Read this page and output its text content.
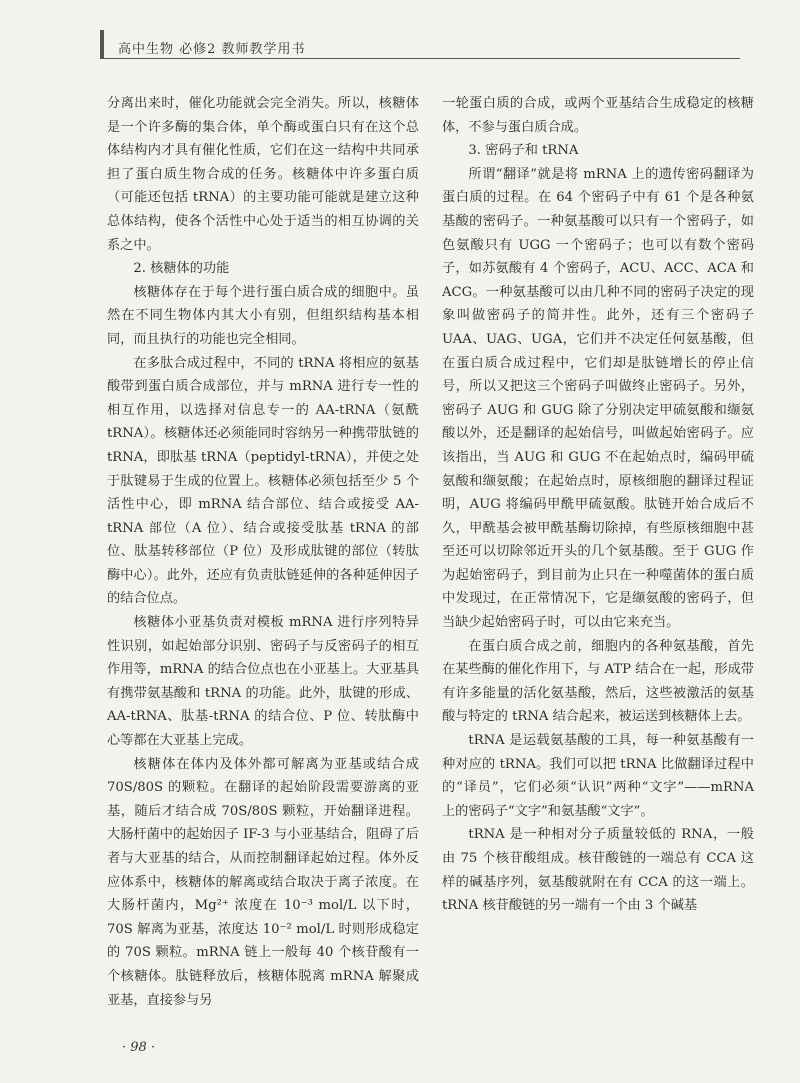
高中生物 必修2 教师教学用书

分离出来时，催化功能就会完全消失。所以，核糖体是一个许多酶的集合体，单个酶或蛋白只有在这个总体结构内才具有催化性质，它们在这一结构中共同承担了蛋白质生物合成的任务。核糖体中许多蛋白质（可能还包括 tRNA）的主要功能可能就是建立这种总体结构，使各个活性中心处于适当的相互协调的关系之中。

2. 核糖体的功能

核糖体存在于每个进行蛋白质合成的细胞中。虽然在不同生物体内其大小有别，但组织结构基本相同，而且执行的功能也完全相同。

在多肽合成过程中，不同的 tRNA 将相应的氨基酸带到蛋白质合成部位，并与 mRNA 进行专一性的相互作用，以选择对信息专一的 AA-tRNA（氨酰 tRNA）。核糖体还必须能同时容纳另一种携带肽链的 tRNA，即肽基 tRNA（peptidyl-tRNA），并使之处于肽键易于生成的位置上。核糖体必须包括至少 5 个活性中心，即 mRNA 结合部位、结合或接受 AA-tRNA 部位（A 位）、结合或接受肽基 tRNA 的部位、肽基转移部位（P 位）及形成肽键的部位（转肽酶中心）。此外，还应有负责肽链延伸的各种延伸因子的结合位点。

核糖体小亚基负责对模板 mRNA 进行序列特异性识别，如起始部分识别、密码子与反密码子的相互作用等，mRNA 的结合位点也在小亚基上。大亚基具有携带氨基酸和 tRNA 的功能。此外，肽键的形成、AA-tRNA、肽基-tRNA 的结合位、P 位、转肽酶中心等都在大亚基上完成。

核糖体在体内及体外都可解离为亚基或结合成 70S/80S 的颗粒。在翻译的起始阶段需要游离的亚基，随后才结合成 70S/80S 颗粒，开始翻译进程。大肠杆菌中的起始因子 IF-3 与小亚基结合，阻碍了后者与大亚基的结合，从而控制翻译起始过程。体外反应体系中，核糖体的解离或结合取决于离子浓度。在大肠杆菌内，Mg²⁺ 浓度在 10⁻³ mol/L 以下时，70S 解离为亚基，浓度达 10⁻² mol/L 时则形成稳定的 70S 颗粒。mRNA 链上一般每 40 个核苷酸有一个核糖体。肽链释放后，核糖体脱离 mRNA 解聚成亚基，直接参与另

一轮蛋白质的合成，或两个亚基结合生成稳定的核糖体，不参与蛋白质合成。

3. 密码子和 tRNA

所谓“翻译”就是将 mRNA 上的遗传密码翻译为蛋白质的过程。在 64 个密码子中有 61 个是各种氨基酸的密码子。一种氨基酸可以只有一个密码子，如色氨酸只有 UGG 一个密码子；也可以有数个密码子，如苏氨酸有 4 个密码子，ACU、ACC、ACA 和 ACG。一种氨基酸可以由几种不同的密码子决定的现象叫做密码子的简并性。此外，还有三个密码子 UAA、UAG、UGA，它们并不决定任何氨基酸，但在蛋白质合成过程中，它们却是肽链增长的停止信号，所以又把这三个密码子叫做终止密码子。另外，密码子 AUG 和 GUG 除了分别决定甲硫氨酸和缬氨酸以外，还是翻译的起始信号，叫做起始密码子。应该指出，当 AUG 和 GUG 不在起始点时，编码甲硫氨酸和缬氨酸；在起始点时，原核细胞的翻译过程证明，AUG 将编码甲酰甲硫氨酸。肽链开始合成后不久，甲酰基会被甲酰基酶切除掉，有些原核细胞中甚至还可以切除邻近开头的几个氨基酸。至于 GUG 作为起始密码子，到目前为止只在一种噬菌体的蛋白质中发现过，在正常情况下，它是缬氨酸的密码子，但当缺少起始密码子时，可以由它来充当。

在蛋白质合成之前，细胞内的各种氨基酸，首先在某些酶的催化作用下，与 ATP 结合在一起，形成带有许多能量的活化氨基酸，然后，这些被激活的氨基酸与特定的 tRNA 结合起来，被运送到核糖体上去。

tRNA 是运载氨基酸的工具，每一种氨基酸有一种对应的 tRNA。我们可以把 tRNA 比做翻译过程中的“译员”，它们必须“认识”两种“文字”——mRNA 上的密码子“文字”和氨基酸“文字”。

tRNA 是一种相对分子质量较低的 RNA，一般由 75 个核苷酸组成。核苷酸链的一端总有 CCA 这样的碱基序列，氨基酸就附在有 CCA 的这一端上。tRNA 核苷酸链的另一端有一个由 3 个碱基

· 98 ·
